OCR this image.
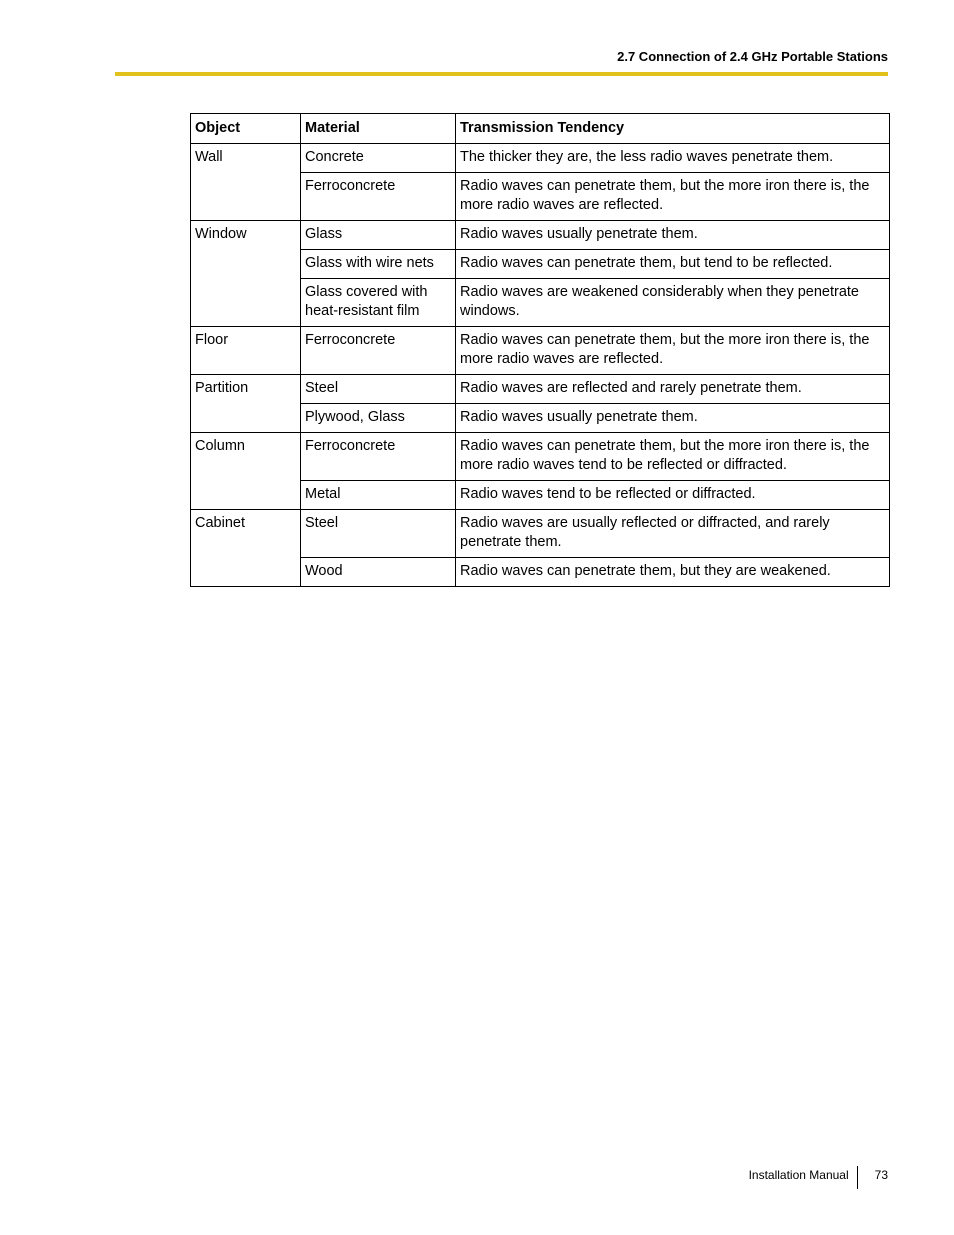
2.7 Connection of 2.4 GHz Portable Stations
Object	Material	Transmission Tendency
Wall	Concrete	The thicker they are, the less radio waves penetrate them.
	Ferroconcrete	Radio waves can penetrate them, but the more iron there is, the more radio waves are reflected.
Window	Glass	Radio waves usually penetrate them.
	Glass with wire nets	Radio waves can penetrate them, but tend to be reflected.
	Glass covered with heat-resistant film	Radio waves are weakened considerably when they penetrate windows.
Floor	Ferroconcrete	Radio waves can penetrate them, but the more iron there is, the more radio waves are reflected.
Partition	Steel	Radio waves are reflected and rarely penetrate them.
	Plywood, Glass	Radio waves usually penetrate them.
Column	Ferroconcrete	Radio waves can penetrate them, but the more iron there is, the more radio waves tend to be reflected or diffracted.
	Metal	Radio waves tend to be reflected or diffracted.
Cabinet	Steel	Radio waves are usually reflected or diffracted, and rarely penetrate them.
	Wood	Radio waves can penetrate them, but they are weakened.
Installation Manual	73
